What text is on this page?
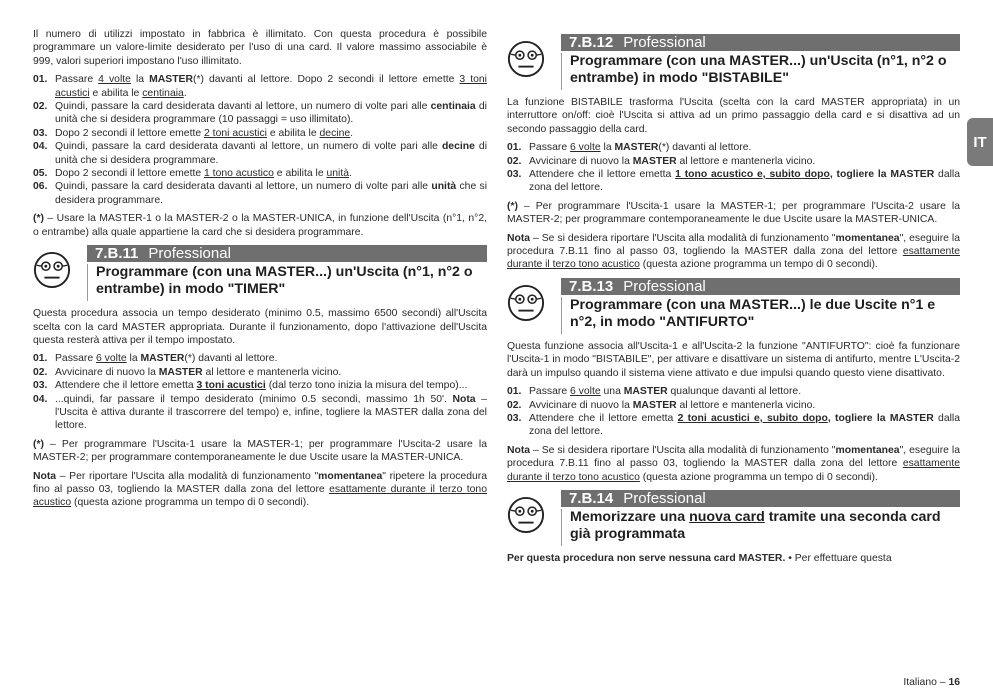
Il numero di utilizzi impostato in fabbrica è illimitato. Con questa procedura è possibile programmare un valore-limite desiderato per l'uso di una card. Il valore massimo associabile è 999, valori superiori impostano l'uso illimitato.

01. Passare 4 volte la MASTER(*) davanti al lettore. Dopo 2 secondi il lettore emette 3 toni acustici e abilita le centinaia.
02. Quindi, passare la card desiderata davanti al lettore, un numero di volte pari alle centinaia di unità che si desidera programmare (10 passaggi = uso illimitato).
03. Dopo 2 secondi il lettore emette 2 toni acustici e abilita le decine.
04. Quindi, passare la card desiderata davanti al lettore, un numero di volte pari alle decine di unità che si desidera programmare.
05. Dopo 2 secondi il lettore emette 1 tono acustico e abilita le unità.
06. Quindi, passare la card desiderata davanti al lettore, un numero di volte pari alle unità che si desidera programmare.

(*) – Usare la MASTER-1 o la MASTER-2 o la MASTER-UNICA, in funzione dell'Uscita (n°1, n°2, o entrambe) alla quale appartiene la card che si desidera programmare.

7.B.11 Professional
Programmare (con una MASTER...) un'Uscita (n°1, n°2 o entrambe) in modo "TIMER"

Questa procedura associa un tempo desiderato (minimo 0.5, massimo 6500 secondi) all'Uscita scelta con la card MASTER appropriata. Durante il funzionamento, dopo l'attivazione dell'Uscita questa resterà attiva per il tempo impostato.

01. Passare 6 volte la MASTER(*) davanti al lettore.
02. Avvicinare di nuovo la MASTER al lettore e mantenerla vicino.
03. Attendere che il lettore emetta 3 toni acustici (dal terzo tono inizia la misura del tempo)...
04. ...quindi, far passare il tempo desiderato (minimo 0.5 secondi, massimo 1h 50'. Nota – l'Uscita è attiva durante il trascorrere del tempo) e, infine, togliere la MASTER dalla zona del lettore.

(*) – Per programmare l'Uscita-1 usare la MASTER-1; per programmare l'Uscita-2 usare la MASTER-2; per programmare contemporaneamente le due Uscite usare la MASTER-UNICA.

Nota – Per riportare l'Uscita alla modalità di funzionamento "momentanea" ripetere la procedura fino al passo 03, togliendo la MASTER dalla zona del lettore esattamente durante il terzo tono acustico (questa azione programma un tempo di 0 secondi).

7.B.12 Professional
Programmare (con una MASTER...) un'Uscita (n°1, n°2 o entrambe) in modo "BISTABILE"

La funzione BISTABILE trasforma l'Uscita (scelta con la card MASTER appropriata) in un interruttore on/off: cioè l'Uscita si attiva ad un primo passaggio della card e si disattiva ad un secondo passaggio della card.

01. Passare 6 volte la MASTER(*) davanti al lettore.
02. Avvicinare di nuovo la MASTER al lettore e mantenerla vicino.
03. Attendere che il lettore emetta 1 tono acustico e, subito dopo, togliere la MASTER dalla zona del lettore.

(*) – Per programmare l'Uscita-1 usare la MASTER-1; per programmare l'Uscita-2 usare la MASTER-2; per programmare contemporaneamente le due Uscite usare la MASTER-UNICA.

Nota – Se si desidera riportare l'Uscita alla modalità di funzionamento "momentanea", eseguire la procedura 7.B.11 fino al passo 03, togliendo la MASTER dalla zona del lettore esattamente durante il terzo tono acustico (questa azione programma un tempo di 0 secondi).

7.B.13 Professional
Programmare (con una MASTER...) le due Uscite n°1 e n°2, in modo "ANTIFURTO"

Questa funzione associa all'Uscita-1 e all'Uscita-2 la funzione "ANTIFURTO": cioè fa funzionare l'Uscita-1 in modo "BISTABILE", per attivare e disattivare un sistema di antifurto, mentre L'Uscita-2 darà un impulso quando il sistema viene attivato e due impulsi quando questo viene disattivato.

01. Passare 6 volte una MASTER qualunque davanti al lettore.
02. Avvicinare di nuovo la MASTER al lettore e mantenerla vicino.
03. Attendere che il lettore emetta 2 toni acustici e, subito dopo, togliere la MASTER dalla zona del lettore.

Nota – Se si desidera riportare l'Uscita alla modalità di funzionamento "momentanea", eseguire la procedura 7.B.11 fino al passo 03, togliendo la MASTER dalla zona del lettore esattamente durante il terzo tono acustico (questa azione programma un tempo di 0 secondi).

7.B.14 Professional
Memorizzare una nuova card tramite una seconda card già programmata

Per questa procedura non serve nessuna card MASTER. • Per effettuare questa

IT
Italiano – 16
